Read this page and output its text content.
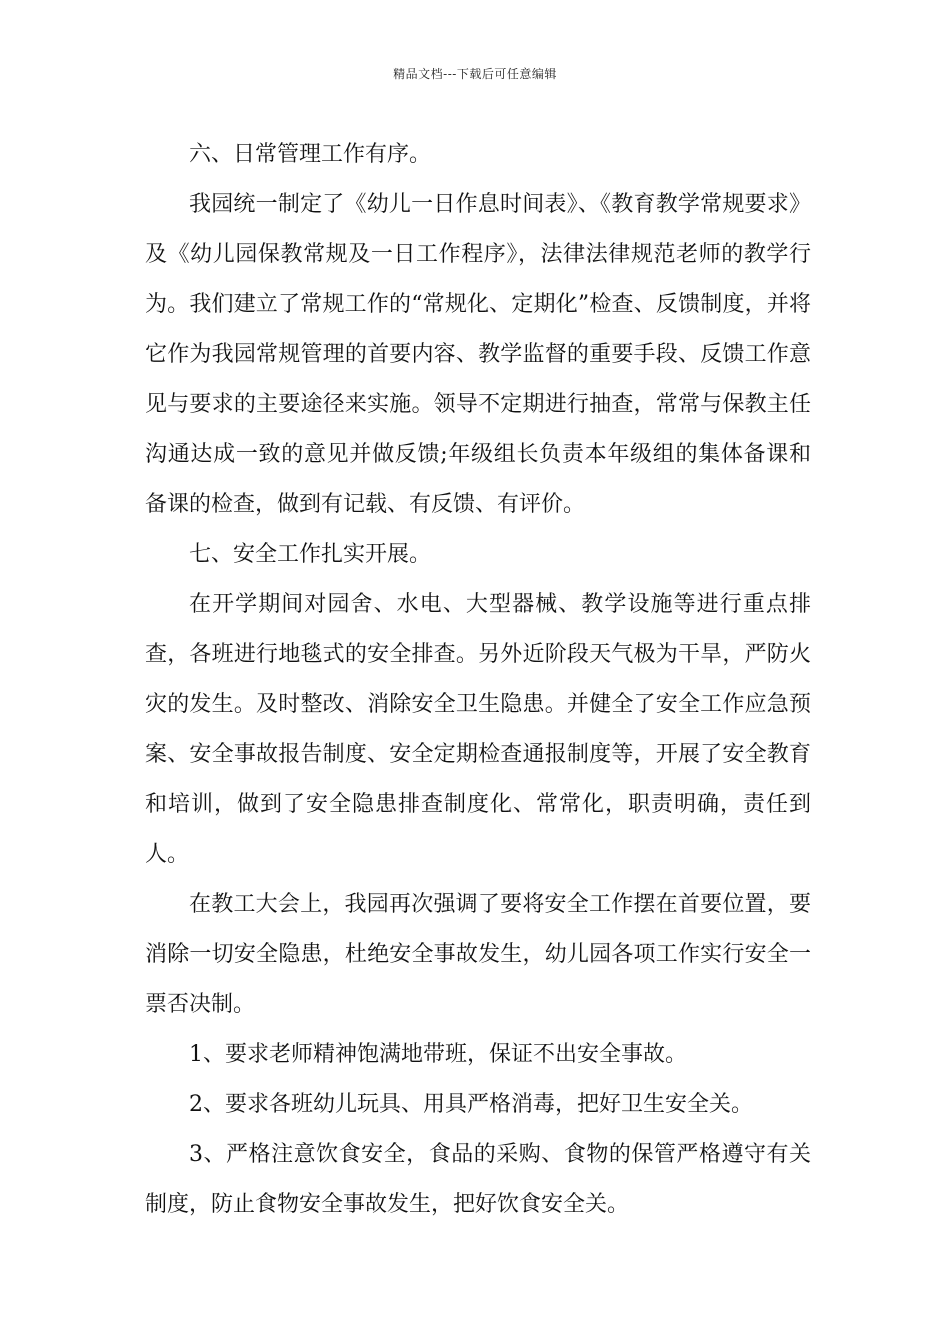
精品文档---下载后可任意编辑

六、日常管理工作有序。

我园统一制定了《幼儿一日作息时间表》、《教育教学常规要求》及《幼儿园保教常规及一日工作程序》，法律法律规范老师的教学行为。我们建立了常规工作的“常规化、定期化”检查、反馈制度，并将它作为我园常规管理的首要内容、教学监督的重要手段、反馈工作意见与要求的主要途径来实施。领导不定期进行抽查，常常与保教主任沟通达成一致的意见并做反馈;年级组长负责本年级组的集体备课和备课的检查，做到有记载、有反馈、有评价。

七、安全工作扎实开展。

在开学期间对园舍、水电、大型器械、教学设施等进行重点排查，各班进行地毯式的安全排查。另外近阶段天气极为干旱，严防火灾的发生。及时整改、消除安全卫生隐患。并健全了安全工作应急预案、安全事故报告制度、安全定期检查通报制度等，开展了安全教育和培训，做到了安全隐患排查制度化、常常化，职责明确，责任到人。

在教工大会上，我园再次强调了要将安全工作摆在首要位置，要消除一切安全隐患，杜绝安全事故发生，幼儿园各项工作实行安全一票否决制。

1、要求老师精神饱满地带班，保证不出安全事故。

2、要求各班幼儿玩具、用具严格消毒，把好卫生安全关。

3、严格注意饮食安全，食品的采购、食物的保管严格遵守有关制度，防止食物安全事故发生，把好饮食安全关。
